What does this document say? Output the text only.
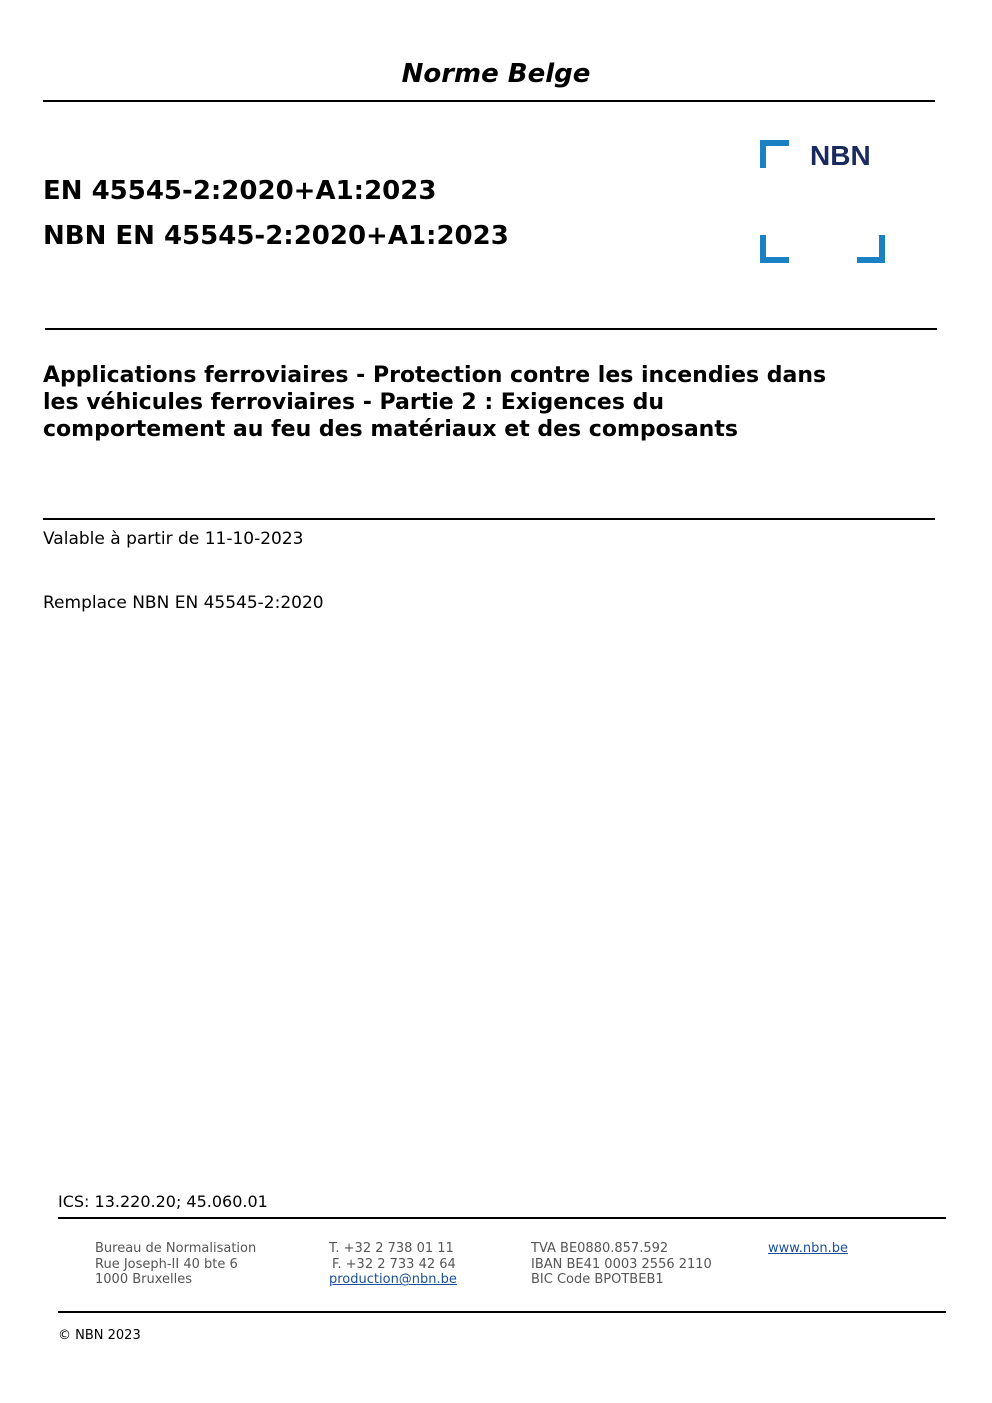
Norme Belge
EN 45545-2:2020+A1:2023
NBN EN 45545-2:2020+A1:2023
NBN
Applications ferroviaires - Protection contre les incendies dans
les véhicules ferroviaires - Partie 2 : Exigences du
comportement au feu des matériaux et des composants
Valable à partir de 11-10-2023
Remplace NBN EN 45545-2:2020
ICS: 13.220.20; 45.060.01
Bureau de Normalisation
Rue Joseph-II 40 bte 6
1000 Bruxelles
T. +32 2 738 01 11
F. +32 2 733 42 64
production@nbn.be
TVA BE0880.857.592
IBAN BE41 0003 2556 2110
BIC Code BPOTBEB1
www.nbn.be
© NBN 2023
